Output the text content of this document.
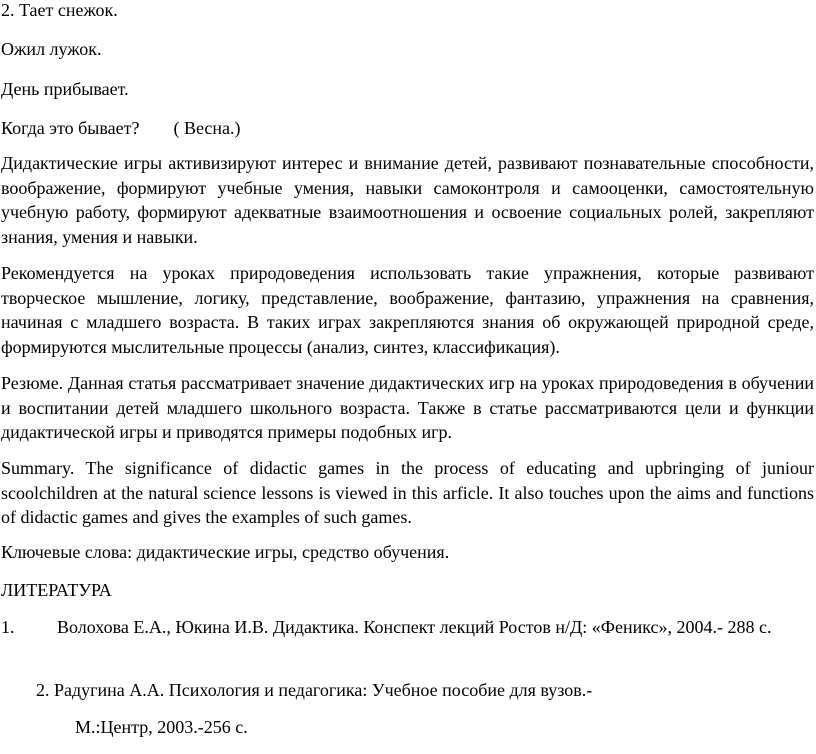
2. Тает снежок.

Ожил лужок.

День прибывает.

Когда это бывает? ( Весна.)

Дидактические игры активизируют интерес и внимание детей, развивают познавательные способности, воображение, формируют учебные умения, навыки самоконтроля и самооценки, самостоятельную учебную работу, формируют адекватные взаимоотношения и освоение социальных ролей, закрепляют знания, умения и навыки.

Рекомендуется на уроках природоведения использовать такие упражнения, которые развивают творческое мышление, логику, представление, воображение, фантазию, упражнения на сравнения, начиная с младшего возраста. В таких играх закрепляются знания об окружающей природной среде, формируются мыслительные процессы (анализ, синтез, классификация).

Резюме. Данная статья рассматривает значение дидактических игр на уроках природоведения в обучении и воспитании детей младшего школьного возраста. Также в статье рассматриваются цели и функции дидактической игры и приводятся примеры подобных игр.

Summary. The significance of didactic games in the process of educating and upbringing of juniour scoolchildren at the natural science lessons is viewed in this arficle. It also touches upon the aims and functions of didactic games and gives the examples of such games.

Ключевые слова: дидактические игры, средство обучения.

ЛИТЕРАТУРА

1. Волохова Е.А., Юкина И.В. Дидактика. Конспект лекций Ростов н/Д: «Феникс», 2004.- 288 с.

2. Радугина А.А. Психология и педагогика: Учебное пособие для вузов.-

М.:Центр, 2003.-256 с.
